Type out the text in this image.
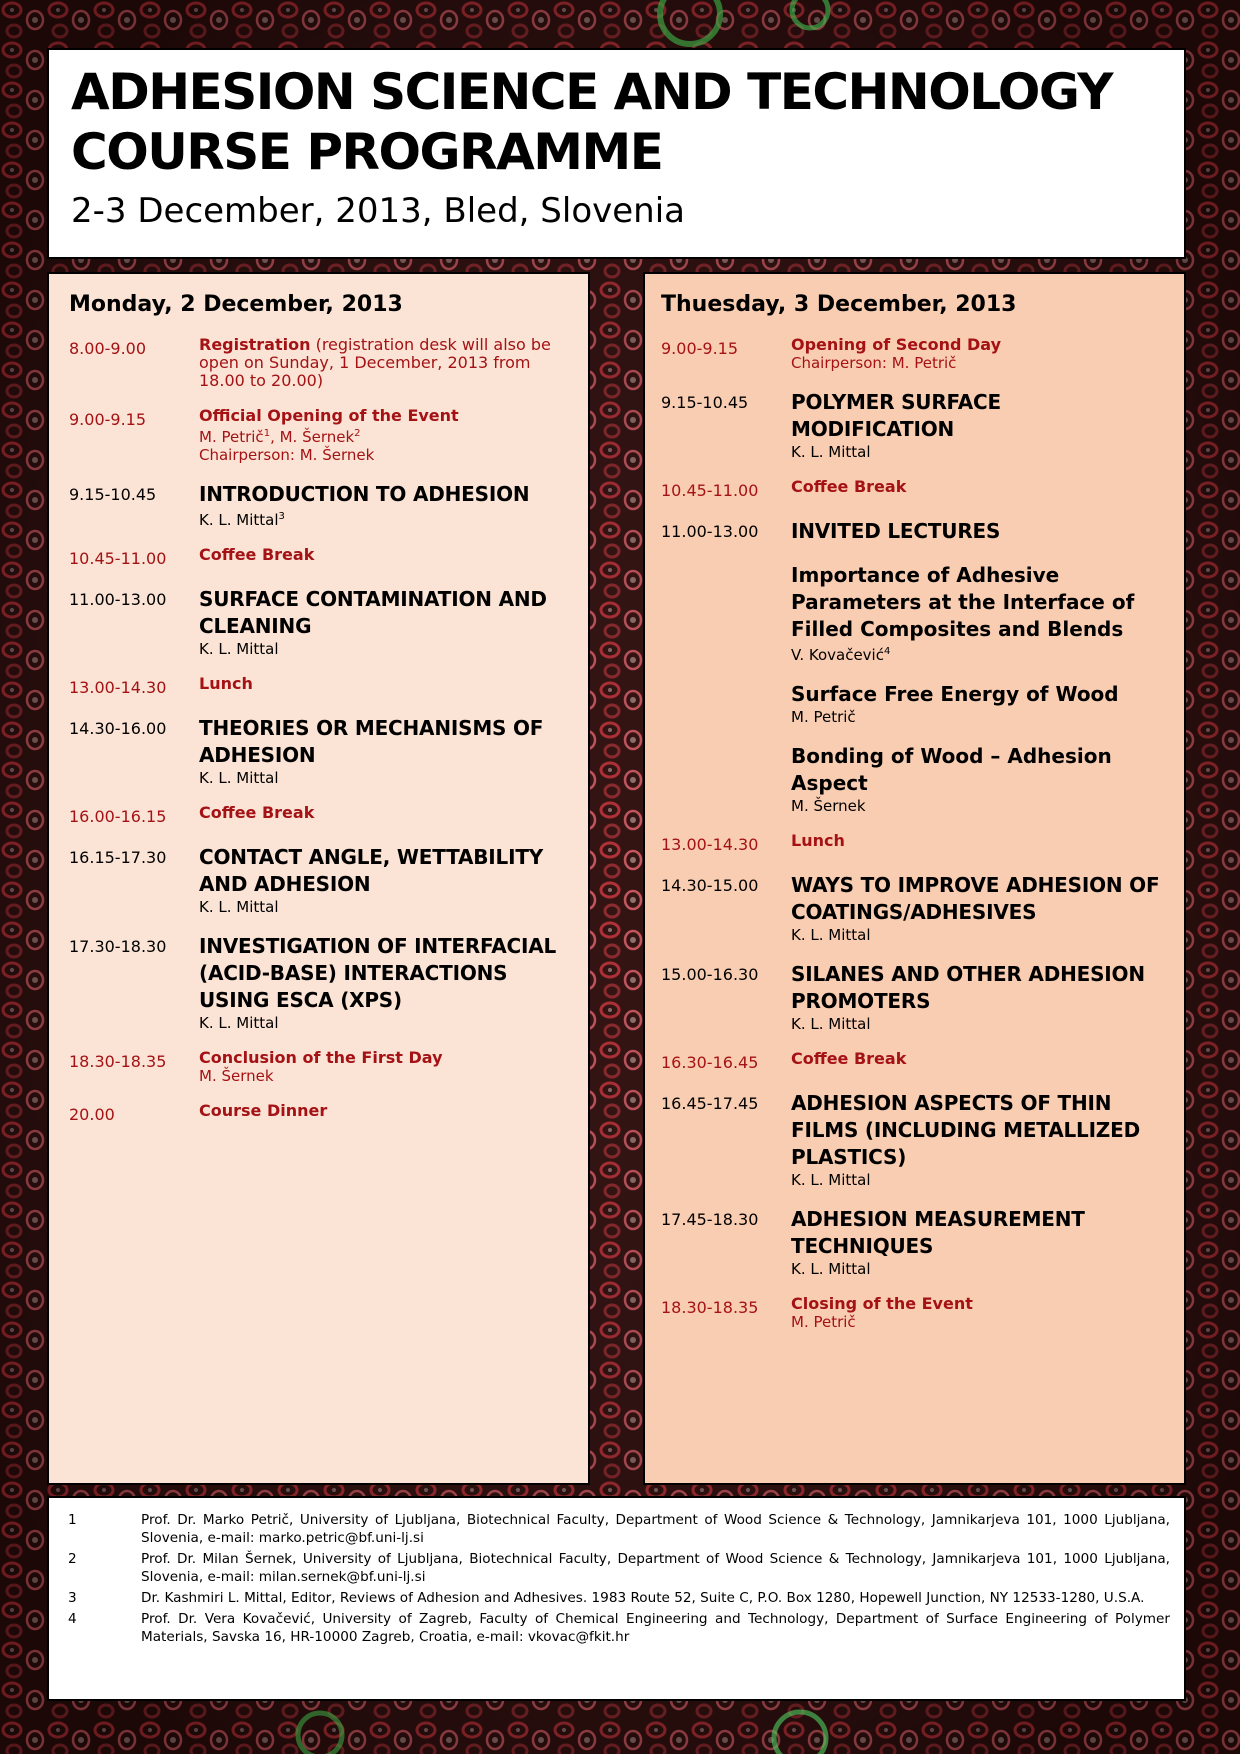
ADHESION SCIENCE AND TECHNOLOGY
COURSE PROGRAMME
2-3 December, 2013, Bled, Slovenia
Monday, 2 December, 2013
8.00-9.00	Registration (registration desk will also be open on Sunday, 1 December, 2013 from 18.00 to 20.00)
9.00-9.15	Official Opening of the Event
M. Petrič$^1$, M. Šernek$^2$
Chairperson: M. Šernek
9.15-10.45	INTRODUCTION TO ADHESION
K. L. Mittal$^3$
10.45-11.00	Coffee Break
11.00-13.00	SURFACE CONTAMINATION AND CLEANING
K. L. Mittal
13.00-14.30	Lunch
14.30-16.00	THEORIES OR MECHANISMS OF ADHESION
K. L. Mittal
16.00-16.15	Coffee Break
16.15-17.30	CONTACT ANGLE, WETTABILITY AND ADHESION
K. L. Mittal
17.30-18.30	INVESTIGATION OF INTERFACIAL (ACID-BASE) INTERACTIONS USING ESCA (XPS)
K. L. Mittal
18.30-18.35	Conclusion of the First Day
M. Šernek
20.00	Course Dinner
Thuesday, 3 December, 2013
9.00-9.15	Opening of Second Day
Chairperson: M. Petrič
9.15-10.45	POLYMER SURFACE MODIFICATION
K. L. Mittal
10.45-11.00	Coffee Break
11.00-13.00	INVITED LECTURES
Importance of Adhesive Parameters at the Interface of Filled Composites and Blends
V. Kovačević$^4$
Surface Free Energy of Wood
M. Petrič
Bonding of Wood – Adhesion Aspect
M. Šernek
13.00-14.30	Lunch
14.30-15.00	WAYS TO IMPROVE ADHESION OF COATINGS/ADHESIVES
K. L. Mittal
15.00-16.30	SILANES AND OTHER ADHESION PROMOTERS
K. L. Mittal
16.30-16.45	Coffee Break
16.45-17.45	ADHESION ASPECTS OF THIN FILMS (INCLUDING METALLIZED PLASTICS)
K. L. Mittal
17.45-18.30	ADHESION MEASUREMENT TECHNIQUES
K. L. Mittal
18.30-18.35	Closing of the Event
M. Petrič
1	Prof. Dr. Marko Petrič, University of Ljubljana, Biotechnical Faculty, Department of Wood Science & Technology, Jamnikarjeva 101, 1000 Ljubljana, Slovenia, e-mail: marko.petric@bf.uni-lj.si
2	Prof. Dr. Milan Šernek, University of Ljubljana, Biotechnical Faculty, Department of Wood Science & Technology, Jamnikarjeva 101, 1000 Ljubljana, Slovenia, e-mail: milan.sernek@bf.uni-lj.si
3	Dr. Kashmiri L. Mittal, Editor, Reviews of Adhesion and Adhesives. 1983 Route 52, Suite C, P.O. Box 1280, Hopewell Junction, NY 12533-1280, U.S.A.
4	Prof. Dr. Vera Kovačević, University of Zagreb, Faculty of Chemical Engineering and Technology, Department of Surface Engineering of Polymer Materials, Savska 16, HR-10000 Zagreb, Croatia, e-mail: vkovac@fkit.hr
